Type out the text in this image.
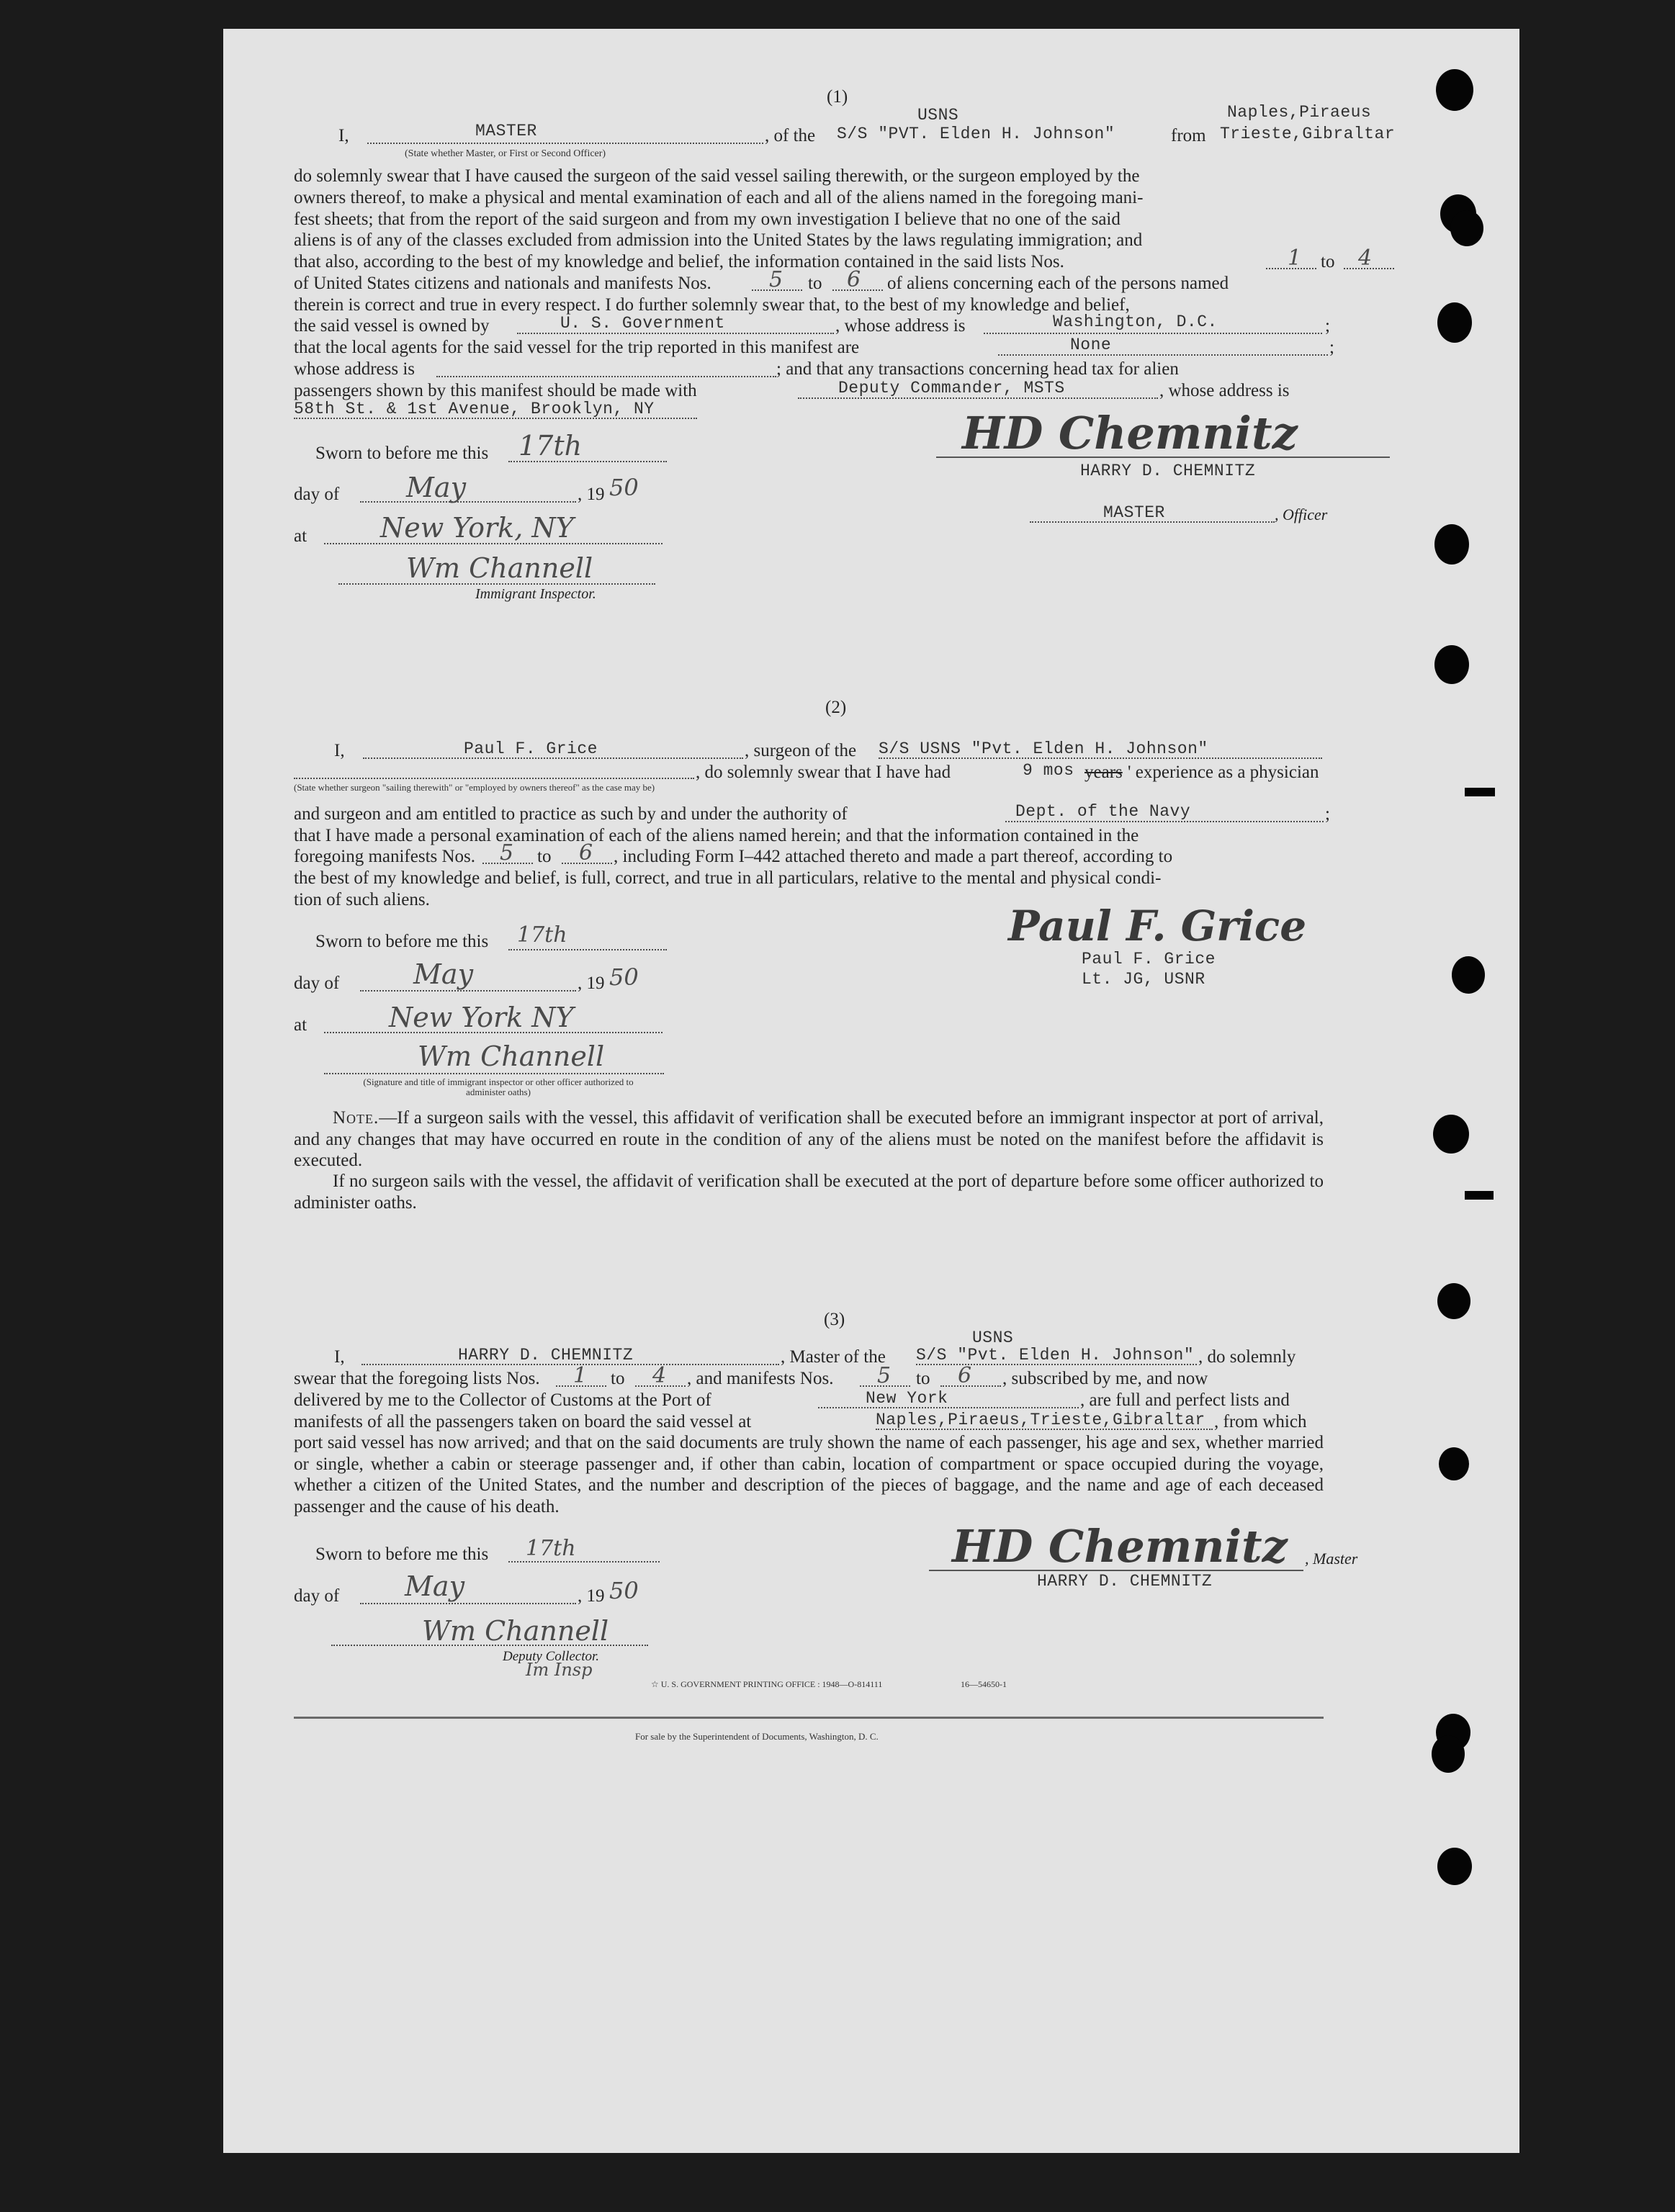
(1)
USNS	Naples,Piraeus
I,	MASTER
(State whether Master, or First or Second Officer)
, of the S/S "PVT. Elden H. Johnson"	from Trieste,Gibraltar
do solemnly swear that I have caused the surgeon of the said vessel sailing therewith, or the surgeon employed by the
owners thereof, to make a physical and mental examination of each and all of the aliens named in the foregoing mani-
fest sheets; that from the report of the said surgeon and from my own investigation I believe that no one of the said
aliens is of any of the classes excluded from admission into the United States by the laws regulating immigration; and
that also, according to the best of my knowledge and belief, the information contained in the said lists Nos.	1 to 4
of United States citizens and nationals and manifests Nos.	5 to 6 of aliens concerning each of the persons named
therein is correct and true in every respect. I do further solemnly swear that, to the best of my knowledge and belief,
the said vessel is owned by	U. S. Government	, whose address is	Washington, D.C.	;
that the local agents for the said vessel for the trip reported in this manifest are	None	;
whose address is	; and that any transactions concerning head tax for alien
passengers shown by this manifest should be made with	Deputy Commander, MSTS	, whose address is
58th St. & 1st Avenue, Brooklyn, NY
Sworn to before me this 17th
day of May	, 19 50
at	New York, NY
Wm Channell
Immigrant Inspector.
HD Chemnitz
HARRY D. CHEMNITZ
MASTER	, Officer
(2)
I,	Paul F. Grice	, surgeon of the S/S USNS "Pvt. Elden H. Johnson"
(State whether surgeon "sailing therewith" or "employed by owners thereof" as the case may be)
, do solemnly swear that I have had	9 mos years ' experience as a physician
and surgeon and am entitled to practice as such by and under the authority of	Dept. of the Navy	;
that I have made a personal examination of each of the aliens named herein; and that the information contained in the
foregoing manifests Nos. 5 to 6 , including Form I–442 attached thereto and made a part thereof, according to
the best of my knowledge and belief, is full, correct, and true in all particulars, relative to the mental and physical condi-
tion of such aliens.
Sworn to before me this 17th
day of	May	, 19 50
at	New York NY
Wm Channell
(Signature and title of immigrant inspector or other officer authorized to administer oaths)
Paul F. Grice
Paul F. Grice
Lt. JG, USNR

Note.—If a surgeon sails with the vessel, this affidavit of verification shall be executed before an immigrant inspector at port of arrival, and any changes that may have occurred en route in the condition of any of the aliens must be noted on the manifest before the affidavit is executed.

If no surgeon sails with the vessel, the affidavit of verification shall be executed at the port of departure before some officer authorized to administer oaths.

(3)
USNS
I,	HARRY D. CHEMNITZ	, Master of the S/S "Pvt. Elden H. Johnson" , do solemnly
swear that the foregoing lists Nos. 1 to 4 , and manifests Nos. 5 to 6 , subscribed by me, and now
delivered by me to the Collector of Customs at the Port of	New York	, are full and perfect lists and
manifests of all the passengers taken on board the said vessel at	Naples,Piraeus,Trieste,Gibraltar , from which

port said vessel has now arrived; and that on the said documents are truly shown the name of each passenger, his age and sex, whether married or single, whether a cabin or steerage passenger and, if other than cabin, location of compartment or space occupied during the voyage, whether a citizen of the United States, and the number and description of the pieces of baggage, and the name and age of each deceased passenger and the cause of his death.

Sworn to before me this 17th
day of May	, 19 50
Wm Channell
Deputy Collector.
Im Insp
HD Chemnitz
HARRY D. CHEMNITZ
, Master
☆ U. S. GOVERNMENT PRINTING OFFICE : 1948—O-814111	16—54650-1
For sale by the Superintendent of Documents, Washington, D. C.
